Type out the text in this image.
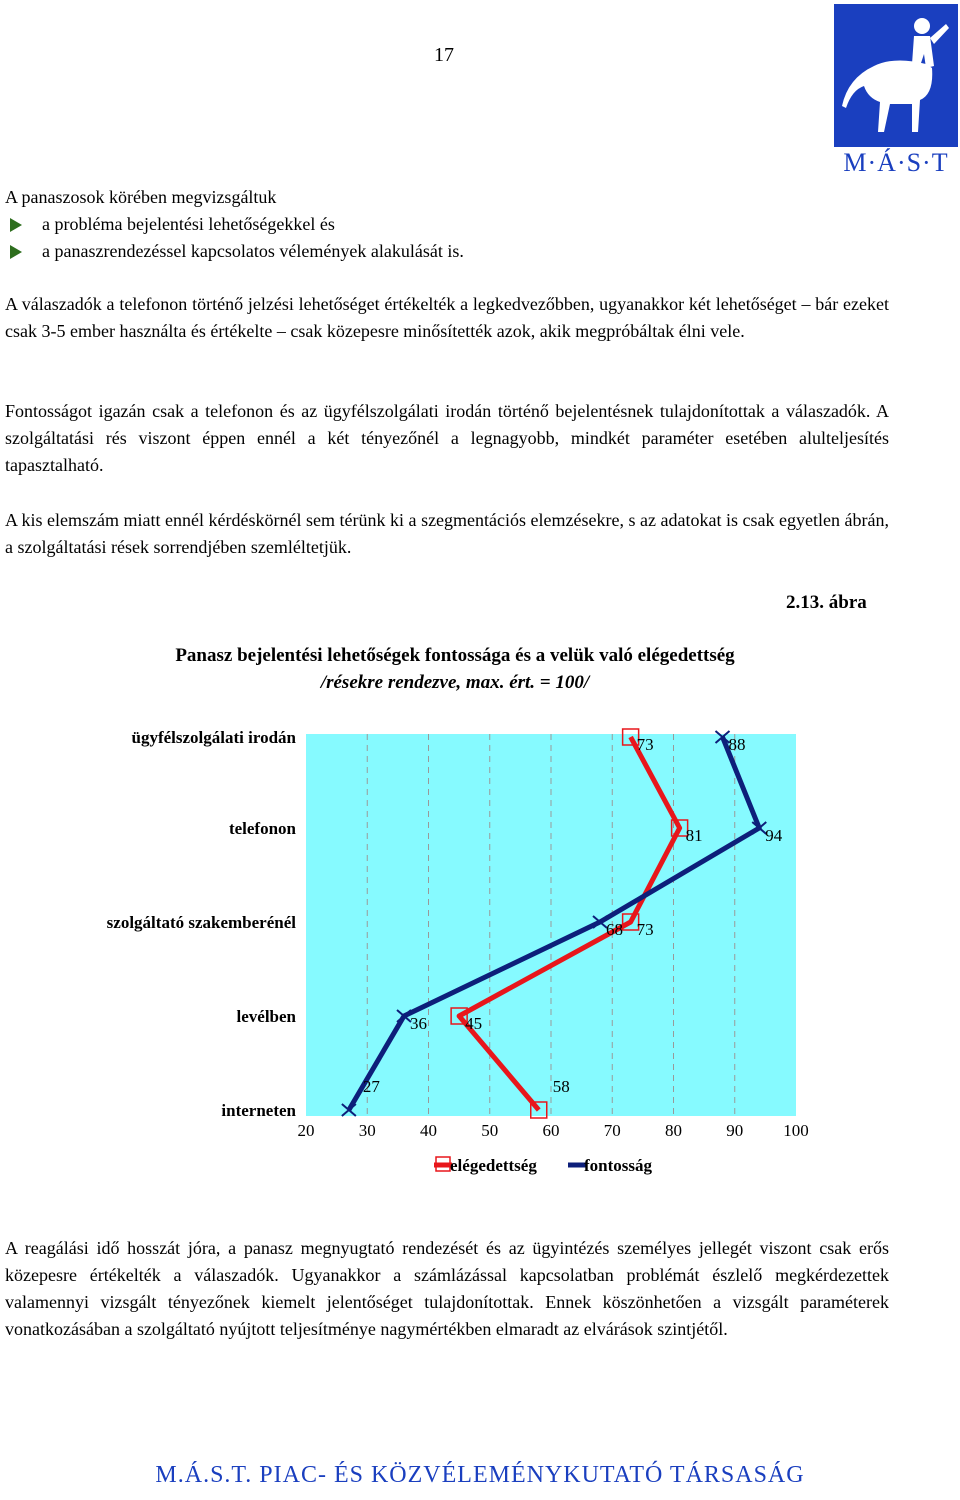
17
M·Á·S·T

A panaszosok körében megvizsgáltuk

a probléma bejelentési lehetőségekkel és
a panaszrendezéssel kapcsolatos vélemények alakulását is.

A válaszadók a telefonon történő jelzési lehetőséget értékelték a legkedvezőbben, ugyanakkor két lehetőséget – bár ezeket csak 3-5 ember használta és értékelte – csak közepesre minősítették azok, akik megpróbáltak élni vele.

Fontosságot igazán csak a telefonon és az ügyfélszolgálati irodán történő bejelentésnek tulajdonítottak a válaszadók. A szolgáltatási rés viszont éppen ennél a két tényezőnél a legnagyobb, mindkét paraméter esetében alulteljesítés tapasztalható.

A kis elemszám miatt ennél kérdéskörnél sem térünk ki a szegmentációs elemzésekre, s az adatokat is csak egyetlen ábrán, a szolgáltatási rések sorrendjében szemléltetjük.

2.13. ábra
Panasz bejelentési lehetőségek fontossága és a velük való elégedettség
/résekre rendezve, max. ért. = 100/
20	30	40	50	60	70	80	90 100
ügyfélszolgálati irodán
telefonon
szolgáltató szakemberénél
levélben
interneten
73
81
73
45
58
88
94
68
36
27
elégedettség	fontosság

A reagálási idő hosszát jóra, a panasz megnyugtató rendezését és az ügyintézés személyes jellegét viszont csak erős közepesre értékelték a válaszadók. Ugyanakkor a számlázással kapcsolatban problémát észlelő megkérdezettek valamennyi vizsgált tényezőnek kiemelt jelentőséget tulajdonítottak. Ennek köszönhetően a vizsgált paraméterek vonatkozásában a szolgáltató nyújtott teljesítménye nagymértékben elmaradt az elvárások szintjétől.

M.Á.S.T. PIAC- ÉS KÖZVÉLEMÉNYKUTATÓ TÁRSASÁG
